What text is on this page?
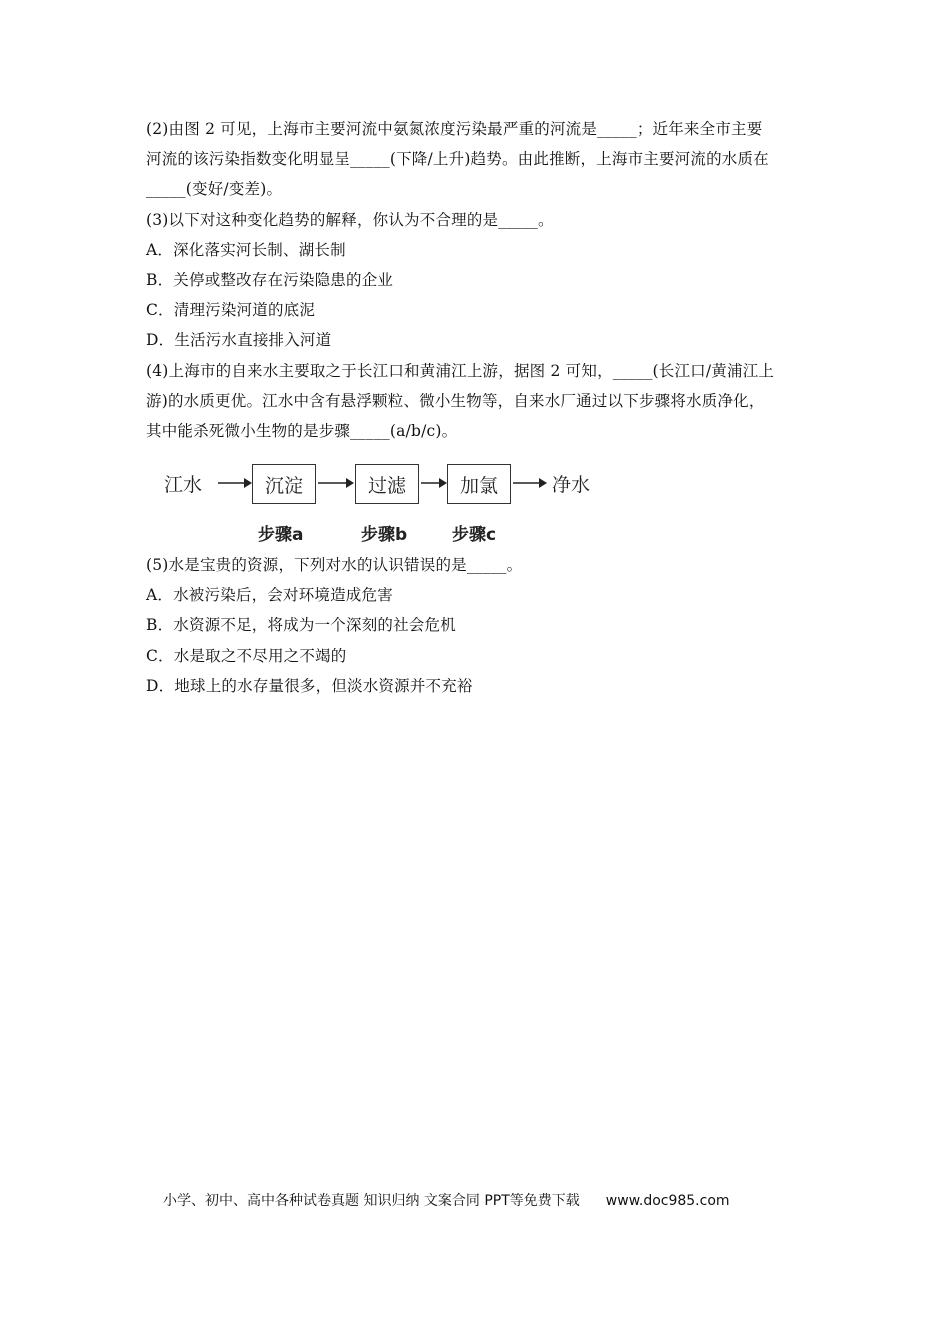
(2)由图 2 可见，上海市主要河流中氨氮浓度污染最严重的河流是_____；近年来全市主要
河流的该污染指数变化明显呈_____(下降/上升)趋势。由此推断，上海市主要河流的水质在
_____(变好/变差)。
(3)以下对这种变化趋势的解释，你认为不合理的是_____。
A．深化落实河长制、湖长制
B．关停或整改存在污染隐患的企业
C．清理污染河道的底泥
D．生活污水直接排入河道
(4)上海市的自来水主要取之于长江口和黄浦江上游，据图 2 可知，_____(长江口/黄浦江上
游)的水质更优。江水中含有悬浮颗粒、微小生物等，自来水厂通过以下步骤将水质净化，
其中能杀死微小生物的是步骤_____(a/b/c)。
江水	沉淀	过滤	加氯	净水
步骤a	步骤b	步骤c
(5)水是宝贵的资源，下列对水的认识错误的是_____。
A．水被污染后，会对环境造成危害
B．水资源不足，将成为一个深刻的社会危机
C．水是取之不尽用之不竭的
D．地球上的水存量很多，但淡水资源并不充裕
小学、初中、高中各种试卷真题 知识归纳 文案合同 PPT等免费下载 www.doc985.com
